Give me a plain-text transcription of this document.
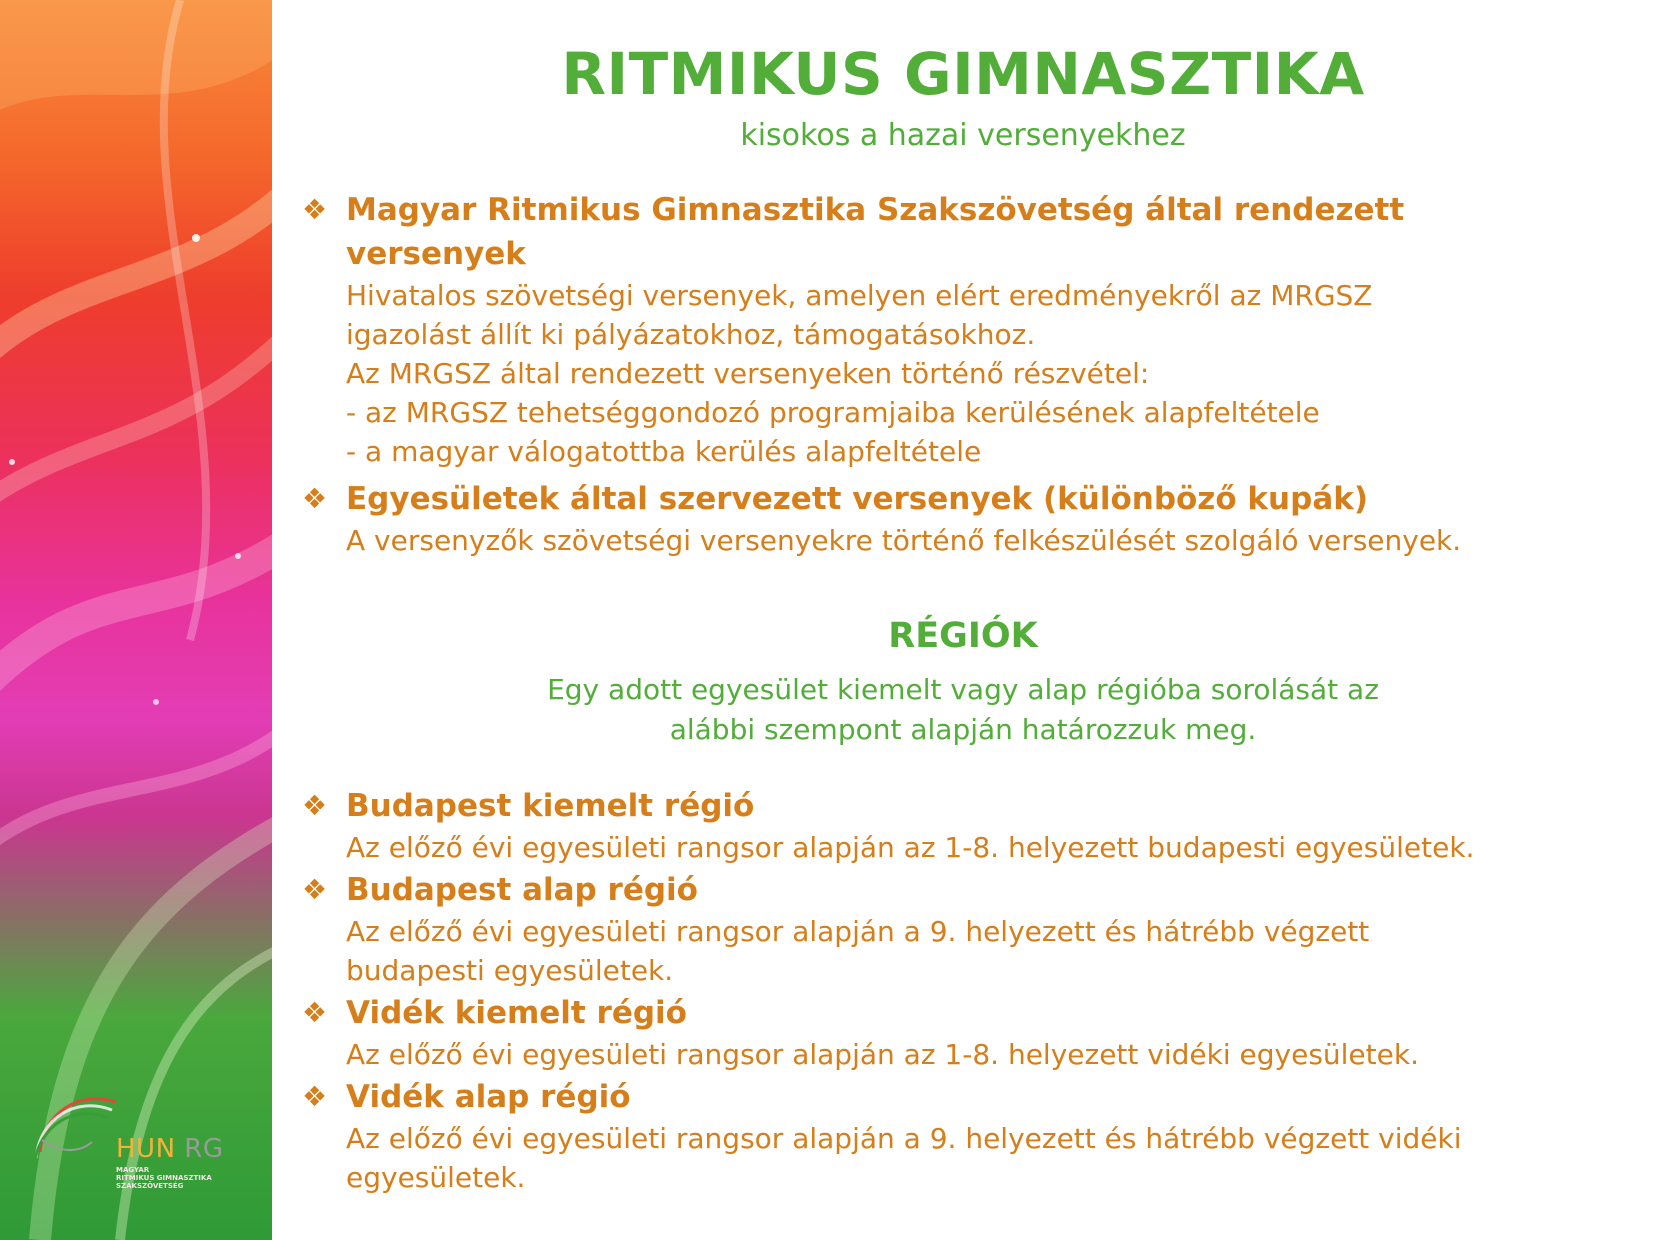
HUN RG
MAGYAR
RITMIKUS GIMNASZTIKA
SZAKSZÖVETSÉG
RITMIKUS GIMNASZTIKA
kisokos a hazai versenyekhez
❖ Magyar Ritmikus Gimnasztika Szakszövetség által rendezett
versenyek
Hivatalos szövetségi versenyek, amelyen elért eredményekről az MRGSZ
igazolást állít ki pályázatokhoz, támogatásokhoz.
Az MRGSZ által rendezett versenyeken történő részvétel:
- az MRGSZ tehetséggondozó programjaiba kerülésének alapfeltétele
- a magyar válogatottba kerülés alapfeltétele
❖ Egyesületek által szervezett versenyek (különböző kupák)
A versenyzők szövetségi versenyekre történő felkészülését szolgáló versenyek.
RÉGIÓK
Egy adott egyesület kiemelt vagy alap régióba sorolását az
alábbi szempont alapján határozzuk meg.
❖ Budapest kiemelt régió
Az előző évi egyesületi rangsor alapján az 1-8. helyezett budapesti egyesületek.
❖ Budapest alap régió
Az előző évi egyesületi rangsor alapján a 9. helyezett és hátrébb végzett
budapesti egyesületek.
❖ Vidék kiemelt régió
Az előző évi egyesületi rangsor alapján az 1-8. helyezett vidéki egyesületek.
❖ Vidék alap régió
Az előző évi egyesületi rangsor alapján a 9. helyezett és hátrébb végzett vidéki
egyesületek.
